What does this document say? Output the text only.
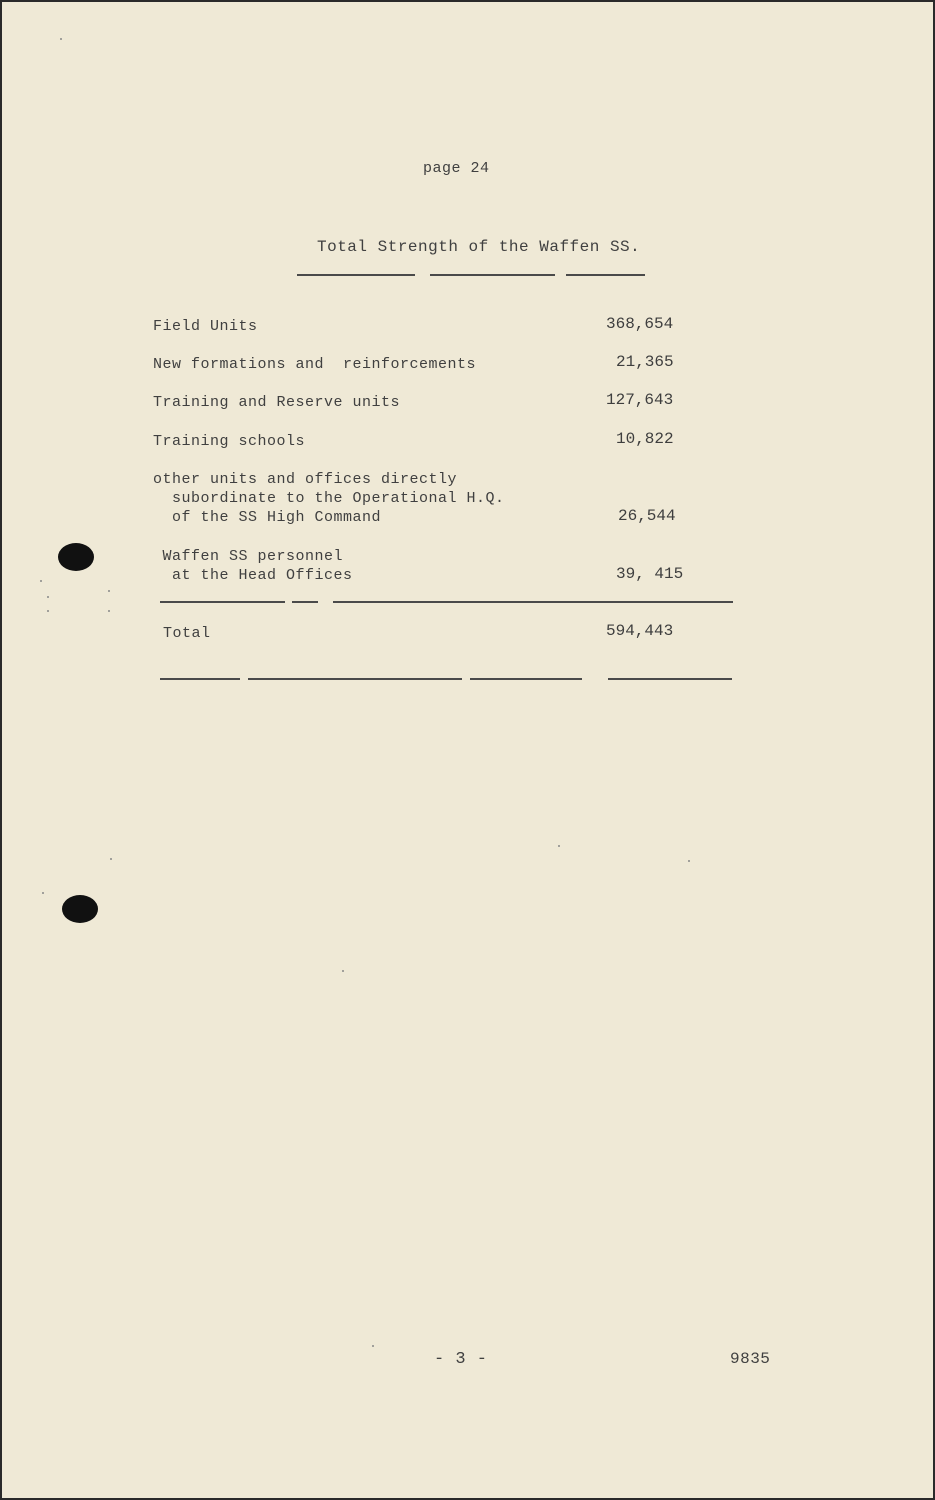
page 24
Total Strength of the Waffen SS.
Field Units	368,654
New formations and  reinforcements	21,365
Training and Reserve units	127,643
Training schools	10,822
other units and offices directly
subordinate to the Operational H.Q.
of the SS High Command	26,544
Waffen SS personnel
at the Head Offices	39, 415
Total	594,443
- 3 -	9835
